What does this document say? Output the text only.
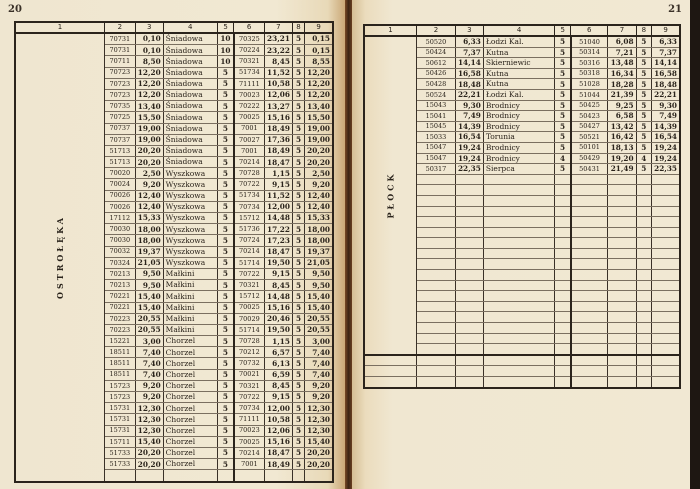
20
1	2	3	4	5	6	7	8	9
OSTROŁĘKA	70731	0,10	Śniadowa	10	70325	23,21	5	0,15
	70731	0,10	Śniadowa	10	70224	23,22	5	0,15
	70711	8,50	Śniadowa	10	70321	8,45	5	8,55
	70723	12,20	Śniadowa	5	51734	11,52	5	12,20
	70723	12,20	Śniadowa	5	71111	10,58	5	12,20
	70723	12,20	Śniadowa	5	70023	12,06	5	12,20
	70735	13,40	Śniadowa	5	70222	13,27	5	13,40
	70725	15,50	Śniadowa	5	70025	15,16	5	15,50
	70737	19,00	Śniadowa	5	7001	18,49	5	19,00
	70737	19,00	Śniadowa	5	70027	17,36	5	19,00
	51713	20,20	Śniadowa	5	7001	18,49	5	20,20
	51713	20,20	Śniadowa	5	70214	18,47	5	20,20
	70020	2,50	Wyszkowa	5	70728	1,15	5	2,50
	70024	9,20	Wyszkowa	5	70722	9,15	5	9,20
	70026	12,40	Wyszkowa	5	51734	11,52	5	12,40
	70026	12,40	Wyszkowa	5	70734	12,00	5	12,40
	17112	15,33	Wyszkowa	5	15712	14,48	5	15,33
	70030	18,00	Wyszkowa	5	51736	17,22	5	18,00
	70030	18,00	Wyszkowa	5	70724	17,23	5	18,00
	70032	19,37	Wyszkowa	5	70214	18,47	5	19,37
	70324	21,05	Wyszkowa	5	51714	19,50	5	21,05
	70213	9,50	Małkini	5	70722	9,15	5	9,50
	70213	9,50	Małkini	5	70321	8,45	5	9,50
	70221	15,40	Małkini	5	15712	14,48	5	15,40
	70221	15,40	Małkini	5	70025	15,16	5	15,40
	70223	20,55	Małkini	5	70029	20,46	5	20,55
	70223	20,55	Małkini	5	51714	19,50	5	20,55
	15221	3,00	Chorzel	5	70728	1,15	5	3,00
	18511	7,40	Chorzel	5	70212	6,57	5	7,40
	18511	7,40	Chorzel	5	70732	6,13	5	7,40
	18511	7,40	Chorzel	5	70021	6,59	5	7,40
	15723	9,20	Chorzel	5	70321	8,45	5	9,20
	15723	9,20	Chorzel	5	70722	9,15	5	9,20
	15731	12,30	Chorzel	5	70734	12,00	5	12,30
	15731	12,30	Chorzel	5	71111	10,58	5	12,30
	15731	12,30	Chorzel	5	70023	12,06	5	12,30
	15711	15,40	Chorzel	5	70025	15,16	5	15,40
	51733	20,20	Chorzel	5	70214	18,47	5	20,20
	51733	20,20	Chorzel	5	7001	18,49	5	20,20

21
1	2	3	4	5	6	7	8	9
PŁOCK	50520	6,33	Łodzi Kal.	5	51040	6,08	5	6,33
	50424	7,37	Kutna	5	50314	7,21	5	7,37
	50612	14,14	Skierniewic	5	50316	13,48	5	14,14
	50426	16,58	Kutna	5	50318	16,34	5	16,58
	50428	18,48	Kutna	5	51028	18,28	5	18,48
	50524	22,21	Łodzi Kal.	5	51044	21,39	5	22,21
	15043	9,30	Brodnicy	5	50425	9,25	5	9,30
	15041	7,49	Brodnicy	5	50423	6,58	5	7,49
	15045	14,39	Brodnicy	5	50427	13,42	5	14,39
	15033	16,54	Torunia	5	50521	16,42	5	16,54
	15047	19,24	Brodnicy	5	50101	18,13	5	19,24
	15047	19,24	Brodnicy	4	50429	19,20	4	19,24
	50317	22,35	Sierpca	5	50431	21,49	5	22,35
